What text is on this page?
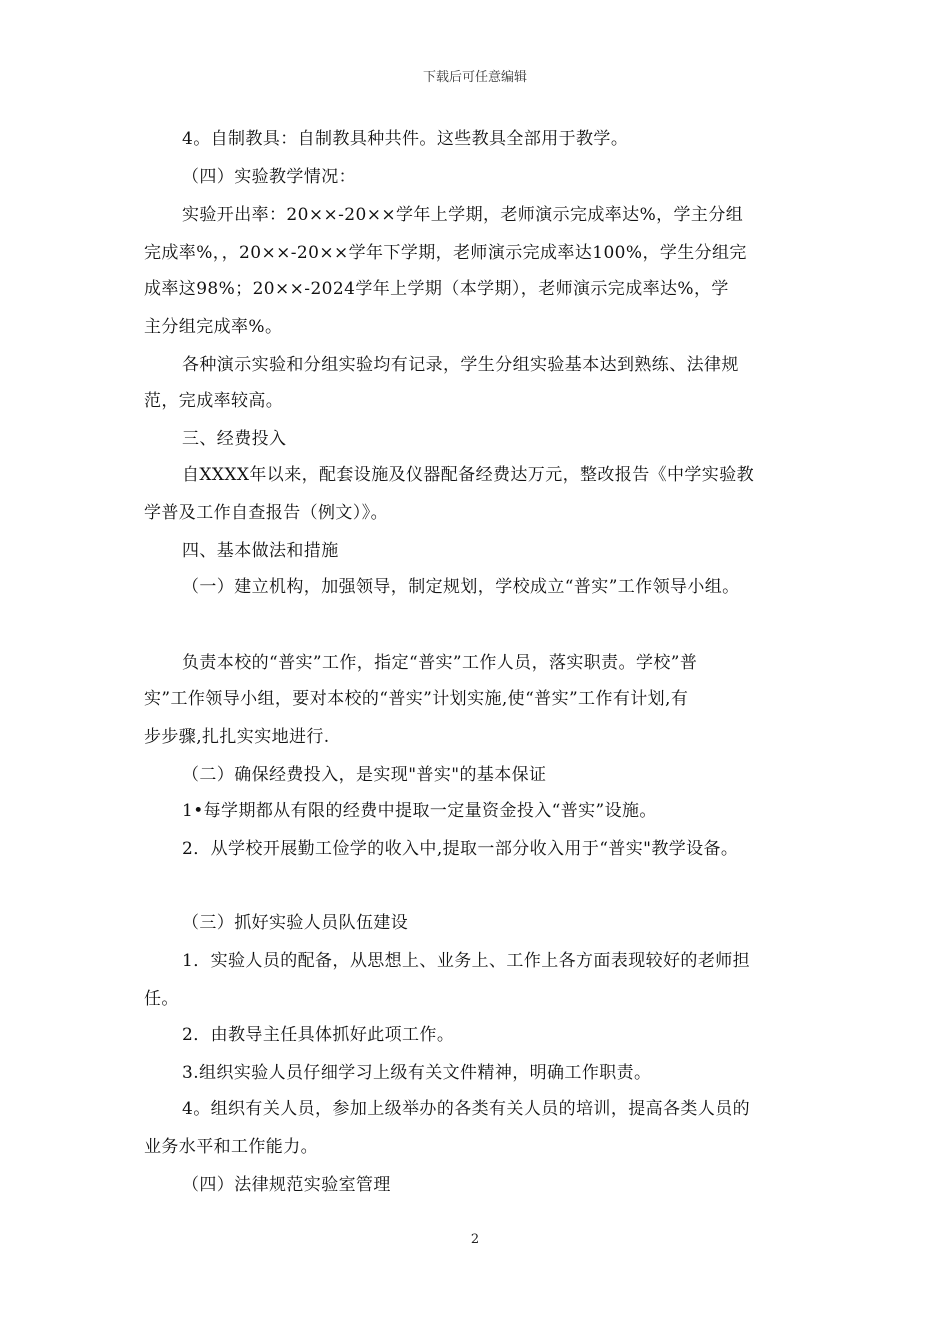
下载后可任意编辑
4。自制教具：自制教具种共件。这些教具全部用于教学。
（四）实验教学情况：
实验开出率：20××-20××学年上学期，老师演示完成率达%，学主分组
完成率%，，20××-20××学年下学期，老师演示完成率达100%，学生分组完
成率这98%；20××-2024学年上学期（本学期），老师演示完成率达%，学
主分组完成率%。
各种演示实验和分组实验均有记录，学生分组实验基本达到熟练、法律规
范，完成率较高。
三、经费投入
自XXXX年以来，配套设施及仪器配备经费达万元，整改报告《中学实验教
学普及工作自查报告（例文）》。
四、基本做法和措施
（一）建立机构，加强领导，制定规划，学校成立“普实”工作领导小组。
负责本校的“普实”工作，指定“普实”工作人员，落实职责。学校”普
实”工作领导小组，要对本校的“普实”计划实施,使“普实”工作有计划,有
步步骤,扎扎实实地进行.
（二）确保经费投入，是实现"普实"的基本保证
1•每学期都从有限的经费中提取一定量资金投入“普实”设施。
2．从学校开展勤工俭学的收入中,提取一部分收入用于“普实"教学设备。
（三）抓好实验人员队伍建设
1．实验人员的配备，从思想上、业务上、工作上各方面表现较好的老师担
任。
2．由教导主任具体抓好此项工作。
3.组织实验人员仔细学习上级有关文件精神，明确工作职责。
4。组织有关人员，参加上级举办的各类有关人员的培训，提高各类人员的
业务水平和工作能力。
（四）法律规范实验室管理
2
